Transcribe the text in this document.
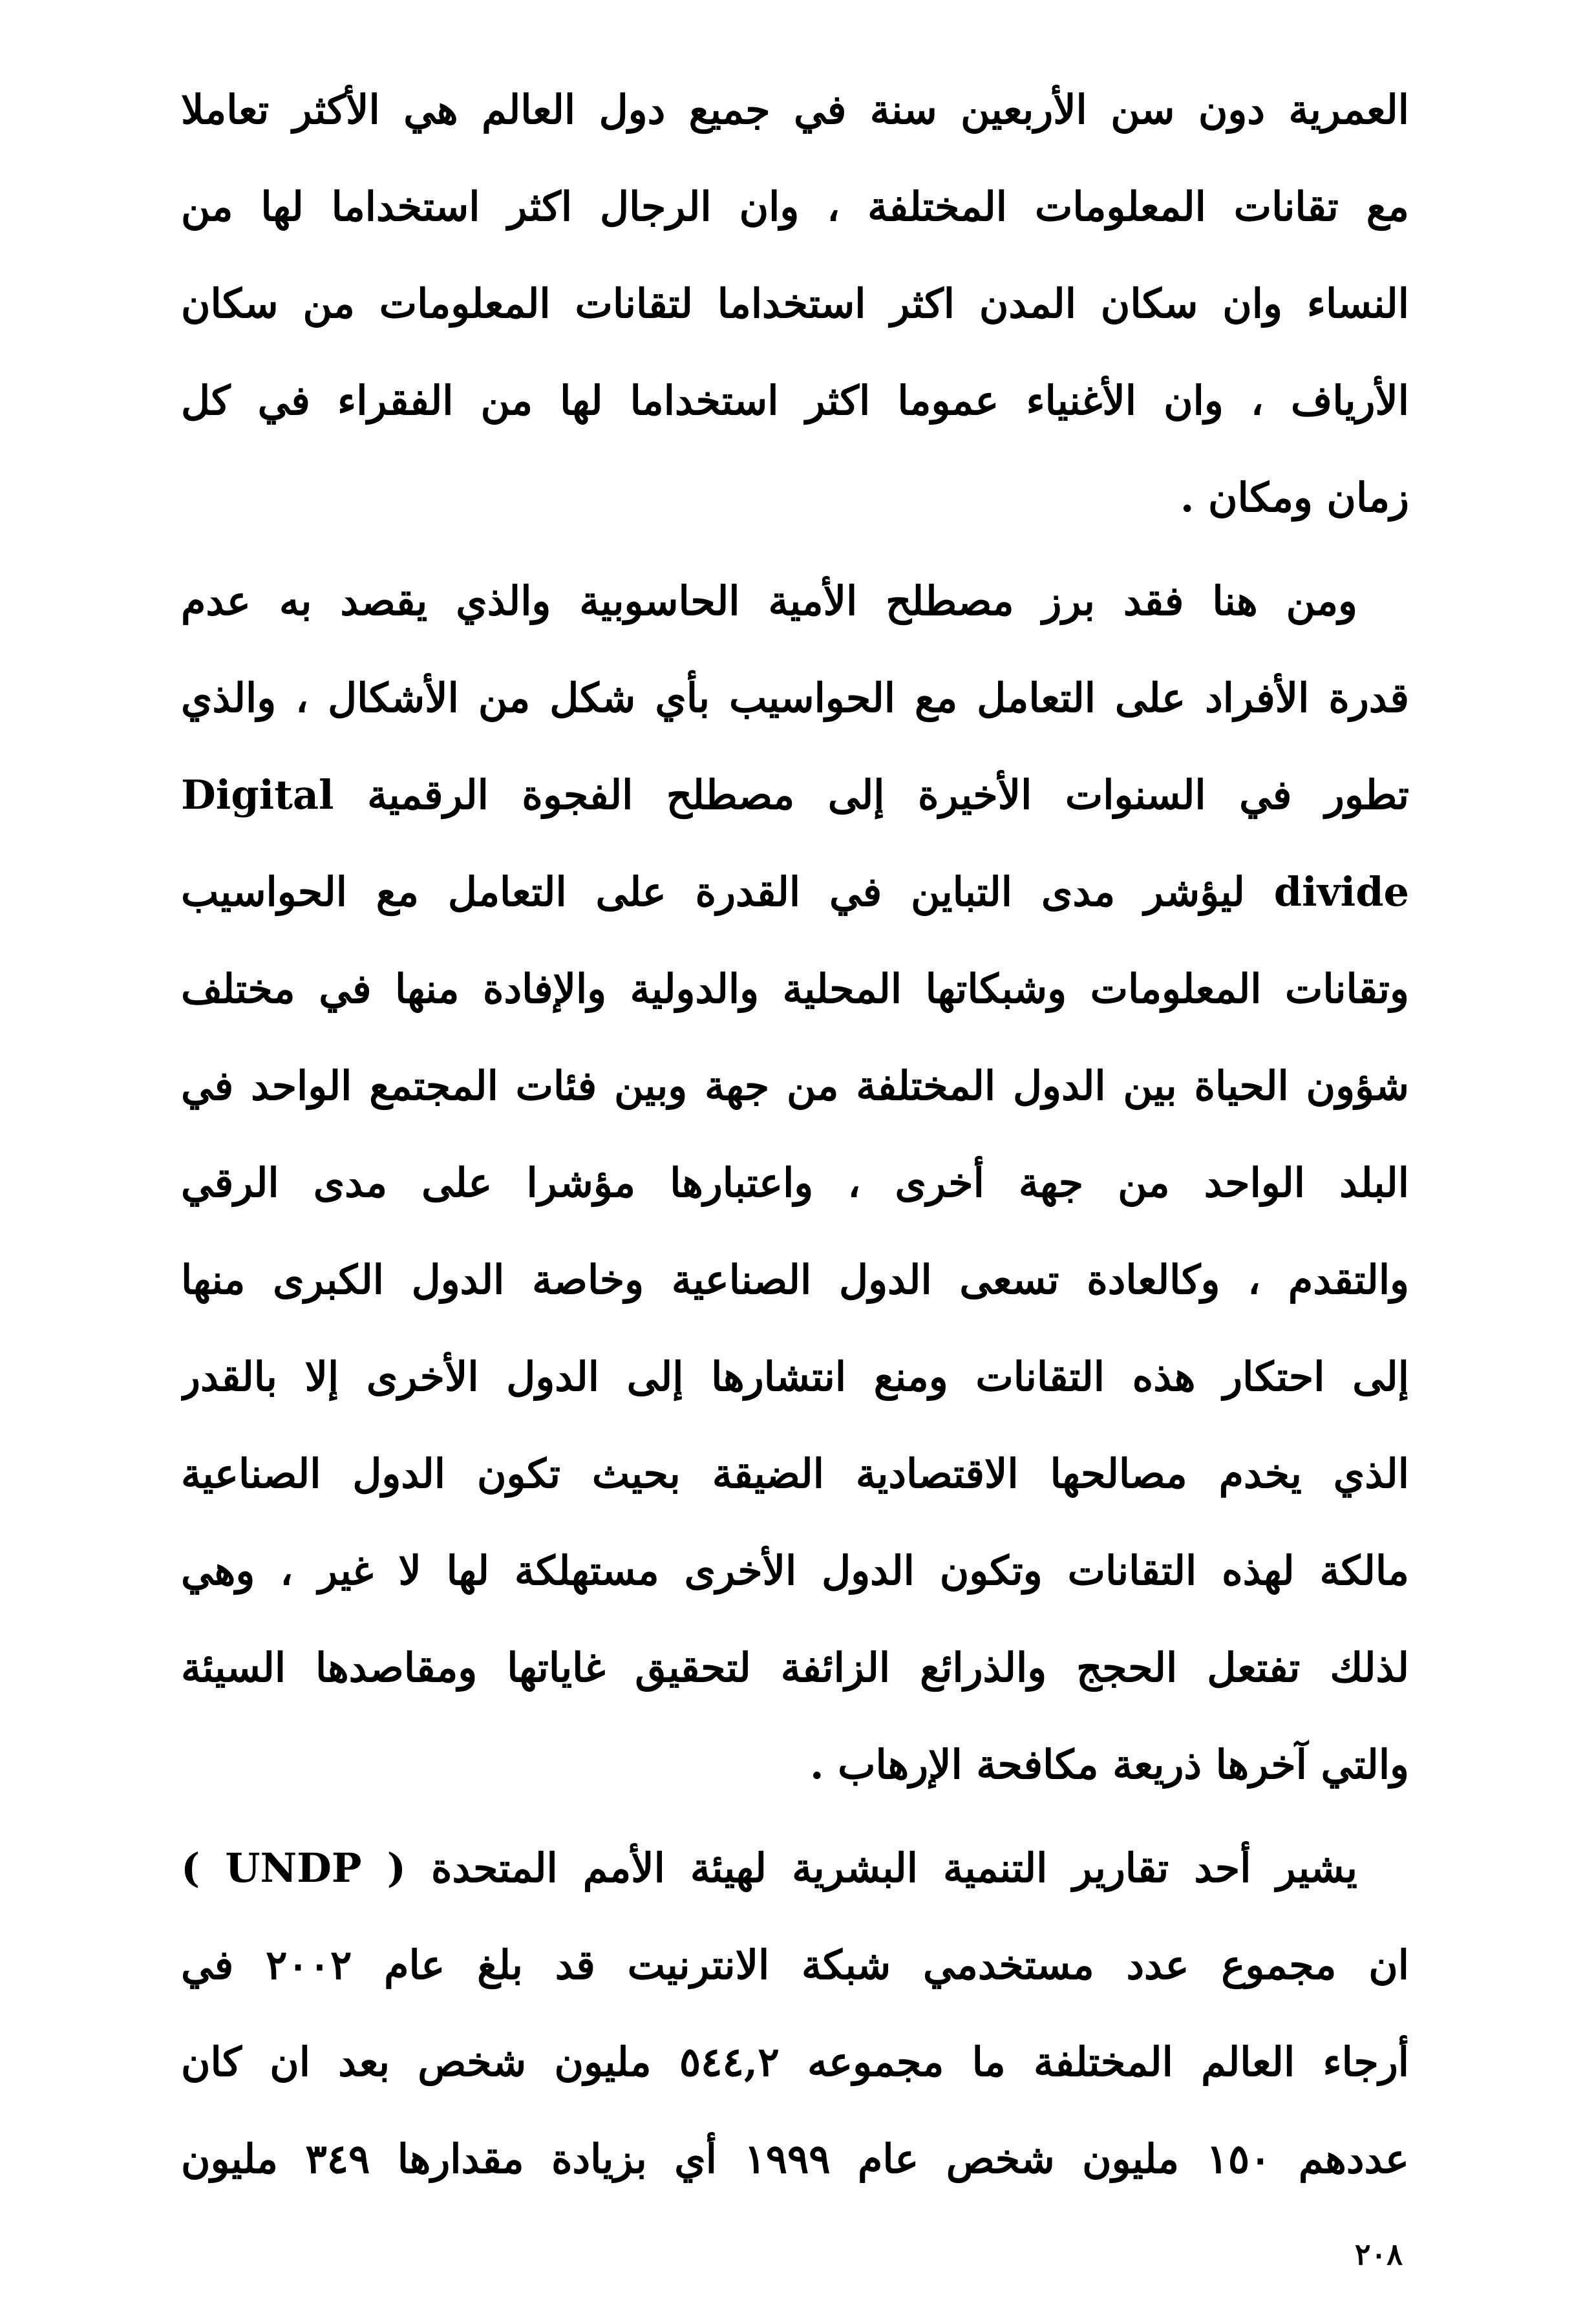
العمرية دون سن الأربعين سنة في جميع دول العالم هي الأكثر تعاملا
مع تقانات المعلومات المختلفة ، وان الرجال اكثر استخداما لها من
النساء وان سكان المدن اكثر استخداما لتقانات المعلومات من سكان
الأرياف ، وان الأغنياء عموما اكثر استخداما لها من الفقراء في كل
زمان ومكان .
ومن هنا فقد برز مصطلح الأمية الحاسوبية والذي يقصد به عدم
قدرة الأفراد على التعامل مع الحواسيب بأي شكل من الأشكال ، والذي
تطور في السنوات الأخيرة إلى مصطلح الفجوة الرقمية Digital
divide ليؤشر مدى التباين في القدرة على التعامل مع الحواسيب
وتقانات المعلومات وشبكاتها المحلية والدولية والإفادة منها في مختلف
شؤون الحياة بين الدول المختلفة من جهة وبين فئات المجتمع الواحد في
البلد الواحد من جهة أخرى ، واعتبارها مؤشرا على مدى الرقي
والتقدم ، وكالعادة تسعى الدول الصناعية وخاصة الدول الكبرى منها
إلى احتكار هذه التقانات ومنع انتشارها إلى الدول الأخرى إلا بالقدر
الذي يخدم مصالحها الاقتصادية الضيقة بحيث تكون الدول الصناعية
مالكة لهذه التقانات وتكون الدول الأخرى مستهلكة لها لا غير ، وهي
لذلك تفتعل الحجج والذرائع الزائفة لتحقيق غاياتها ومقاصدها السيئة
والتي آخرها ذريعة مكافحة الإرهاب .
يشير أحد تقارير التنمية البشرية لهيئة الأمم المتحدة ( UNDP )
ان مجموع عدد مستخدمي شبكة الانترنيت قد بلغ عام ٢٠٠٢ في
أرجاء العالم المختلفة ما مجموعه ٥٤٤,٢ مليون شخص بعد ان كان
عددهم ١٥٠ مليون شخص عام ١٩٩٩ أي بزيادة مقدارها ٣٤٩ مليون
٢٠٨
